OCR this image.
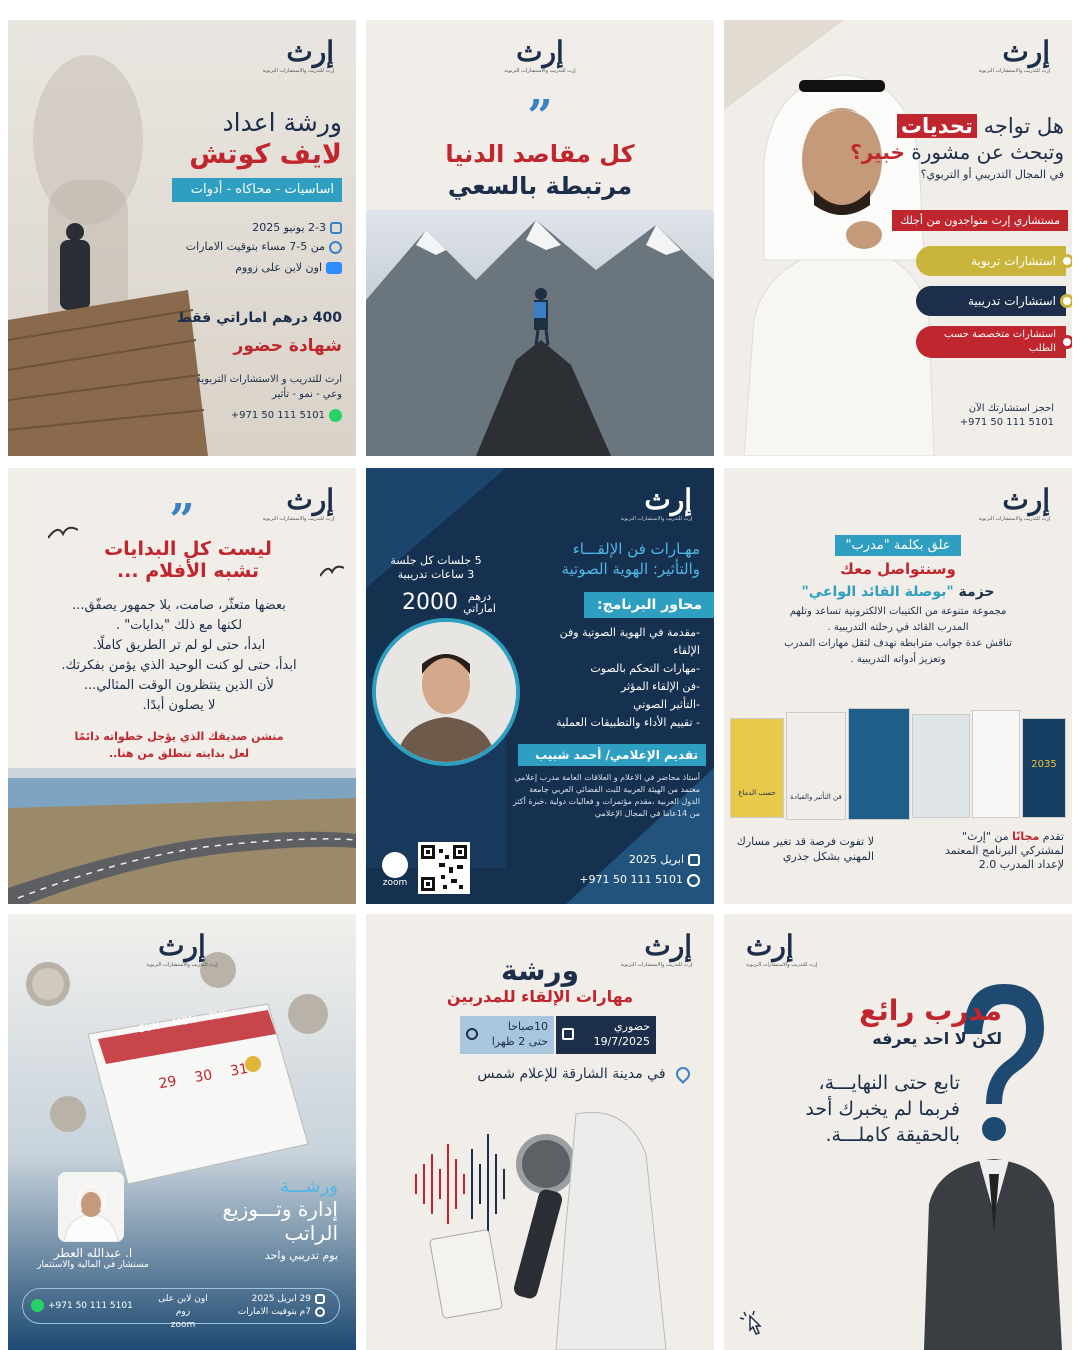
إرث
إرث للتدريب والاستشارات التربوية
ورشة اعداد
لايف كوتش
اساسيات - محاكاه - أدوات
2-3 يونيو 2025
من 5-7 مساء بتوقيت الامارات
اون لاين على زووم
400 درهم اماراتي فقط
شهادة حضور
ارث للتدريب و الاستشارات التربوية
وعي - نمو - تأثير
+971 50 111 5101
إرث
إرث للتدريب والاستشارات التربوية
”
كل مقاصد الدنيا
مرتبطة بالسعي
إرث
إرث للتدريب والاستشارات التربوية
هل تواجه تحديات
وتبحث عن مشورة خبير؟
في المجال التدريبي أو التربوي؟
مستشاري إرث متواجدون من أجلك
استشارات تربوية
استشارات تدريبية
استشارات متخصصة حسب الطلب
احجز استشارتك الآن
+971 50 111 5101
إرث
إرث للتدريب والاستشارات التربوية
”
ليست كل البدايات
تشبه الأفلام ...
بعضها متعثّر، صامت، بلا جمهور يصفّق...
لكنها مع ذلك "بدايات" .
ابدأ، حتى لو لم تر الطريق كاملًا.
ابدأ، حتى لو كنت الوحيد الذي يؤمن بفكرتك.
لأن الذين ينتظرون الوقت المثالي...
لا يصلون أبدًا.
منشن صديقك الذي يؤجل خطواته دائمًا
لعل بدايته تنطلق من هنا..
إرث
إرث للتدريب والاستشارات التربوية
مهـارات فن الإلقـــاء
والتأثير: الهوية الصوتية
5 جلسات كل جلسة
3 ساعات تدريبية
درهم
اماراتي
2000	محاور البرنامج:
-مقدمة في الهوية الصوتية وفن
الإلقاء
-مهارات التحكم بالصوت
-فن الإلقاء المؤثر
-التأثير الصوتي
- تقييم الأداء والتطبيقات العملية
تقديم الإعلامي/ أحمد شبيب
أستاذ محاضر في الاعلام و العلاقات العامة مدرب إعلامي معتمد من الهيئة العربية للبث الفضائي العربي جامعة الدول العربية ،مقدم مؤتمرات و فعاليات دولية ،خبرة أكثر من 14عاما في المجال الإعلامي
zoom
ابريل 2025
+971 50 111 5101
إرث
إرث للتدريب والاستشارات التربوية
علق بكلمة "مدرب"
وسنتواصل معك
حزمة "بوصلة القائد الواعي"
مجموعة متنوعة من الكتيبات الالكترونية تساعد وتلهم
المدرب القائد في رحلته التدريبية .
تناقش عدة جوانب مترابطة تهدف لثقل مهارات المدرب
وتعزيز أدواته التدريبية .
حسب الدماغ	فن التأثير والقيادة
2035
لا تفوت فرصة قد تغير مسارك المهني بشكل جذري
تقدم مجانًا من "إرث"
لمشتركي البرنامج المعتمد
لإعداد المدرب 2.0
SUN MON TUE
29 30 31
إرث
إرث للتدريب والاستشارات التربوية
ا. عبدالله العطر
مستشار في المالية والاستثمار
ورشـــة
إدارة وتـــوزيع
الراتب
يوم تدريبي واحد
29 ابريل 2025
7م بتوقيت الامارات
اون لاين على زوم
zoom
+971 50 111 5101
إرث
إرث للتدريب والاستشارات التربوية
ورشة
مهارات الإلقاء للمدربين
حضوري
19/7/2025
10صباحا
حتى 2 ظهرا
في مدينة الشارقة للإعلام شمس
إرث
إرث للتدريب والاستشارات التربوية
مدرب رائع
لكن لا احد يعرفه
تابع حتى النهايـــة،
فربما لم يخبرك أحد
بالحقيقة كاملـــة.
